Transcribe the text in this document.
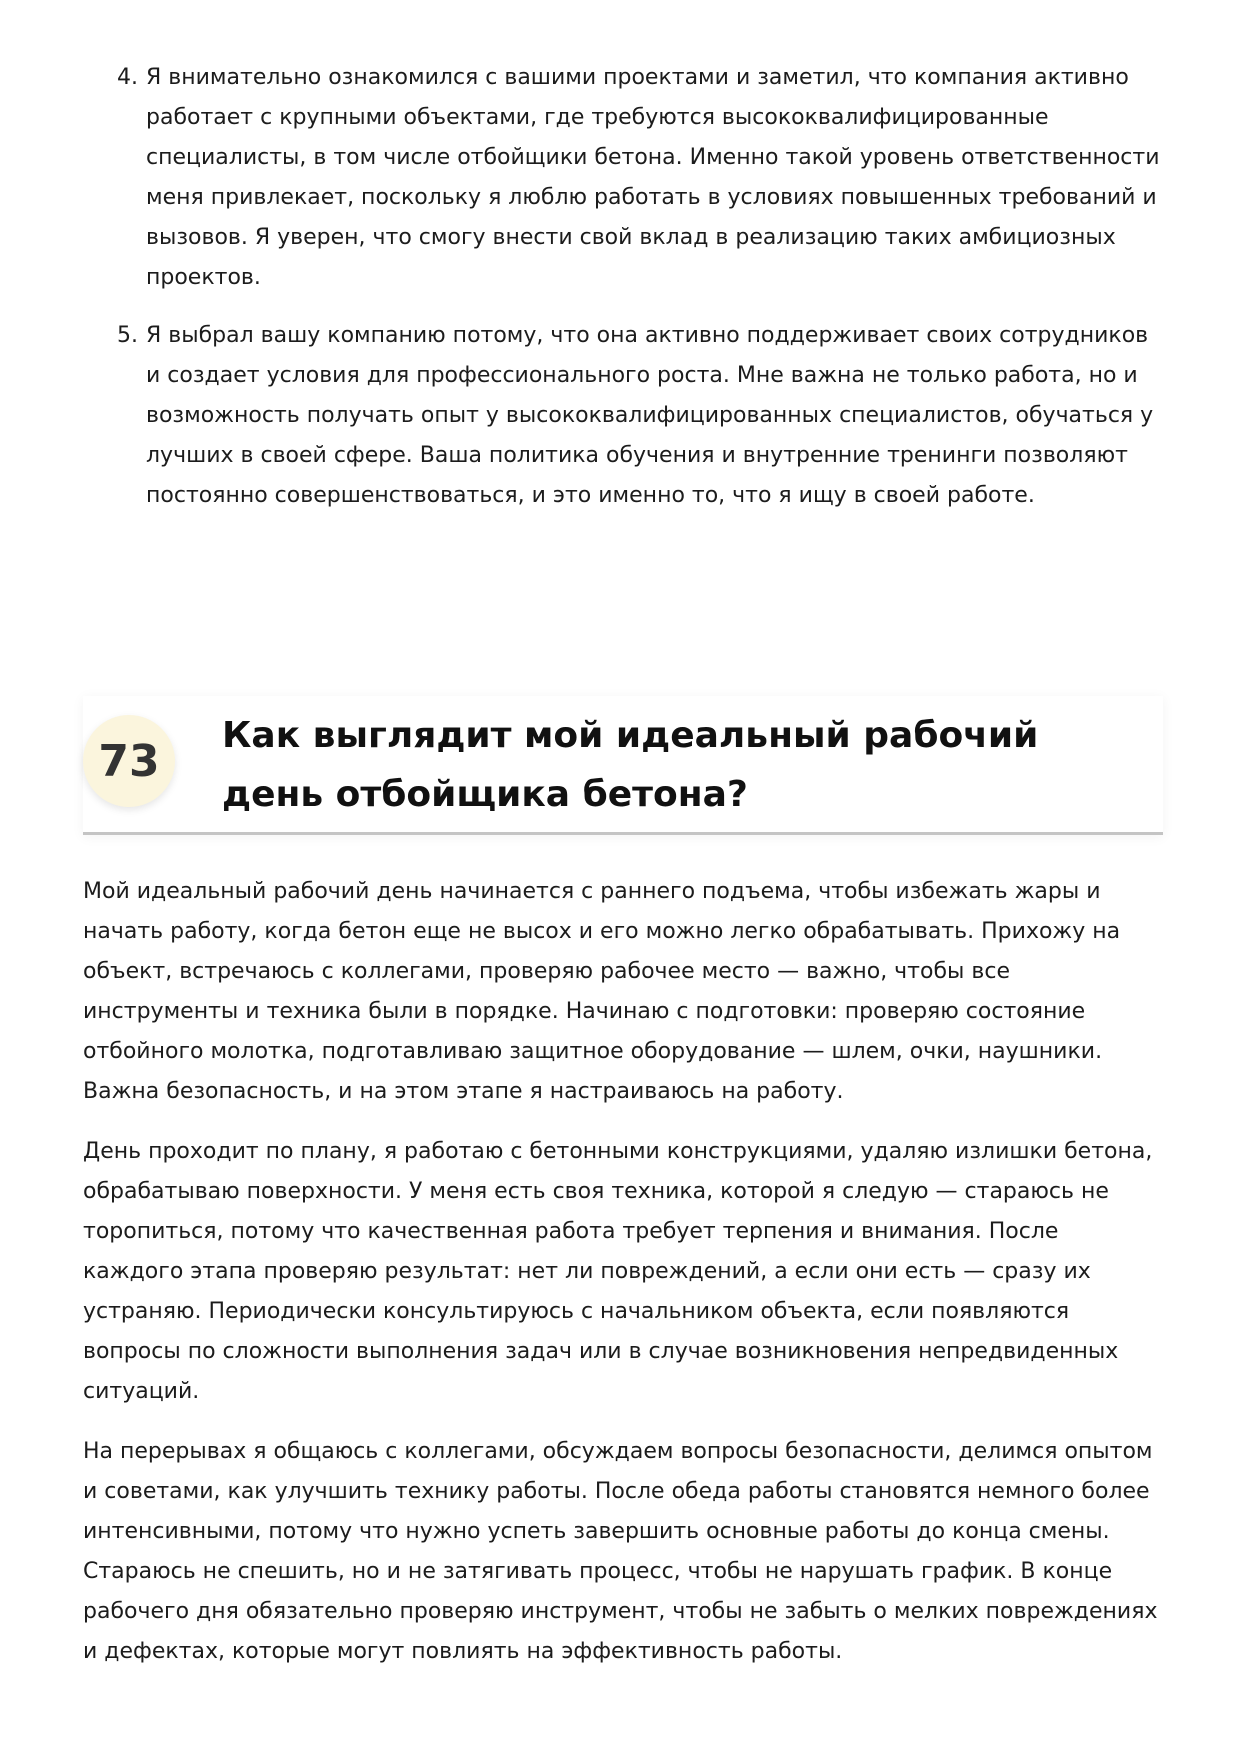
4. Я внимательно ознакомился с вашими проектами и заметил, что компания активно работает с крупными объектами, где требуются высококвалифицированные специалисты, в том числе отбойщики бетона. Именно такой уровень ответственности меня привлекает, поскольку я люблю работать в условиях повышенных требований и вызовов. Я уверен, что смогу внести свой вклад в реализацию таких амбициозных проектов.
5. Я выбрал вашу компанию потому, что она активно поддерживает своих сотрудников и создает условия для профессионального роста. Мне важна не только работа, но и возможность получать опыт у высококвалифицированных специалистов, обучаться у лучших в своей сфере. Ваша политика обучения и внутренние тренинги позволяют постоянно совершенствоваться, и это именно то, что я ищу в своей работе.
73	Как выглядит мой идеальный рабочий день отбойщика бетона?

Мой идеальный рабочий день начинается с раннего подъема, чтобы избежать жары и начать работу, когда бетон еще не высох и его можно легко обрабатывать. Прихожу на объект, встречаюсь с коллегами, проверяю рабочее место — важно, чтобы все инструменты и техника были в порядке. Начинаю с подготовки: проверяю состояние отбойного молотка, подготавливаю защитное оборудование — шлем, очки, наушники. Важна безопасность, и на этом этапе я настраиваюсь на работу.

День проходит по плану, я работаю с бетонными конструкциями, удаляю излишки бетона, обрабатываю поверхности. У меня есть своя техника, которой я следую — стараюсь не торопиться, потому что качественная работа требует терпения и внимания. После каждого этапа проверяю результат: нет ли повреждений, а если они есть — сразу их устраняю. Периодически консультируюсь с начальником объекта, если появляются вопросы по сложности выполнения задач или в случае возникновения непредвиденных ситуаций.

На перерывах я общаюсь с коллегами, обсуждаем вопросы безопасности, делимся опытом и советами, как улучшить технику работы. После обеда работы становятся немного более интенсивными, потому что нужно успеть завершить основные работы до конца смены. Стараюсь не спешить, но и не затягивать процесс, чтобы не нарушать график. В конце рабочего дня обязательно проверяю инструмент, чтобы не забыть о мелких повреждениях и дефектах, которые могут повлиять на эффективность работы.
